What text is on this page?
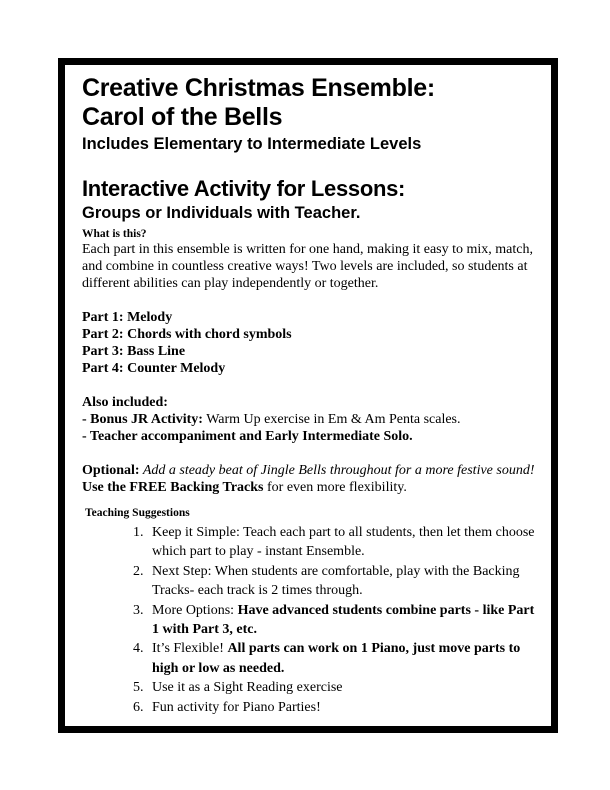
Creative Christmas Ensemble:
Carol of the Bells
Includes Elementary to Intermediate Levels
Interactive Activity for Lessons:
Groups or Individuals with Teacher.
What is this?

Each part in this ensemble is written for one hand, making it easy to mix, match, and combine in countless creative ways! Two levels are included, so students at different abilities can play independently or together.

Part 1: Melody
Part 2: Chords with chord symbols
Part 3: Bass Line
Part 4: Counter Melody
Also included:
- Bonus JR Activity: Warm Up exercise in Em & Am Penta scales.
- Teacher accompaniment and Early Intermediate Solo.
Optional: Add a steady beat of Jingle Bells throughout for a more festive sound!
Use the FREE Backing Tracks for even more flexibility.
Teaching Suggestions
1. Keep it Simple: Teach each part to all students, then let them choose which part to play - instant Ensemble.
2. Next Step: When students are comfortable, play with the Backing Tracks- each track is 2 times through.
3. More Options: Have advanced students combine parts - like Part 1 with Part 3, etc.
4. It’s Flexible! All parts can work on 1 Piano, just move parts to high or low as needed.
5. Use it as a Sight Reading exercise
6. Fun activity for Piano Parties!
